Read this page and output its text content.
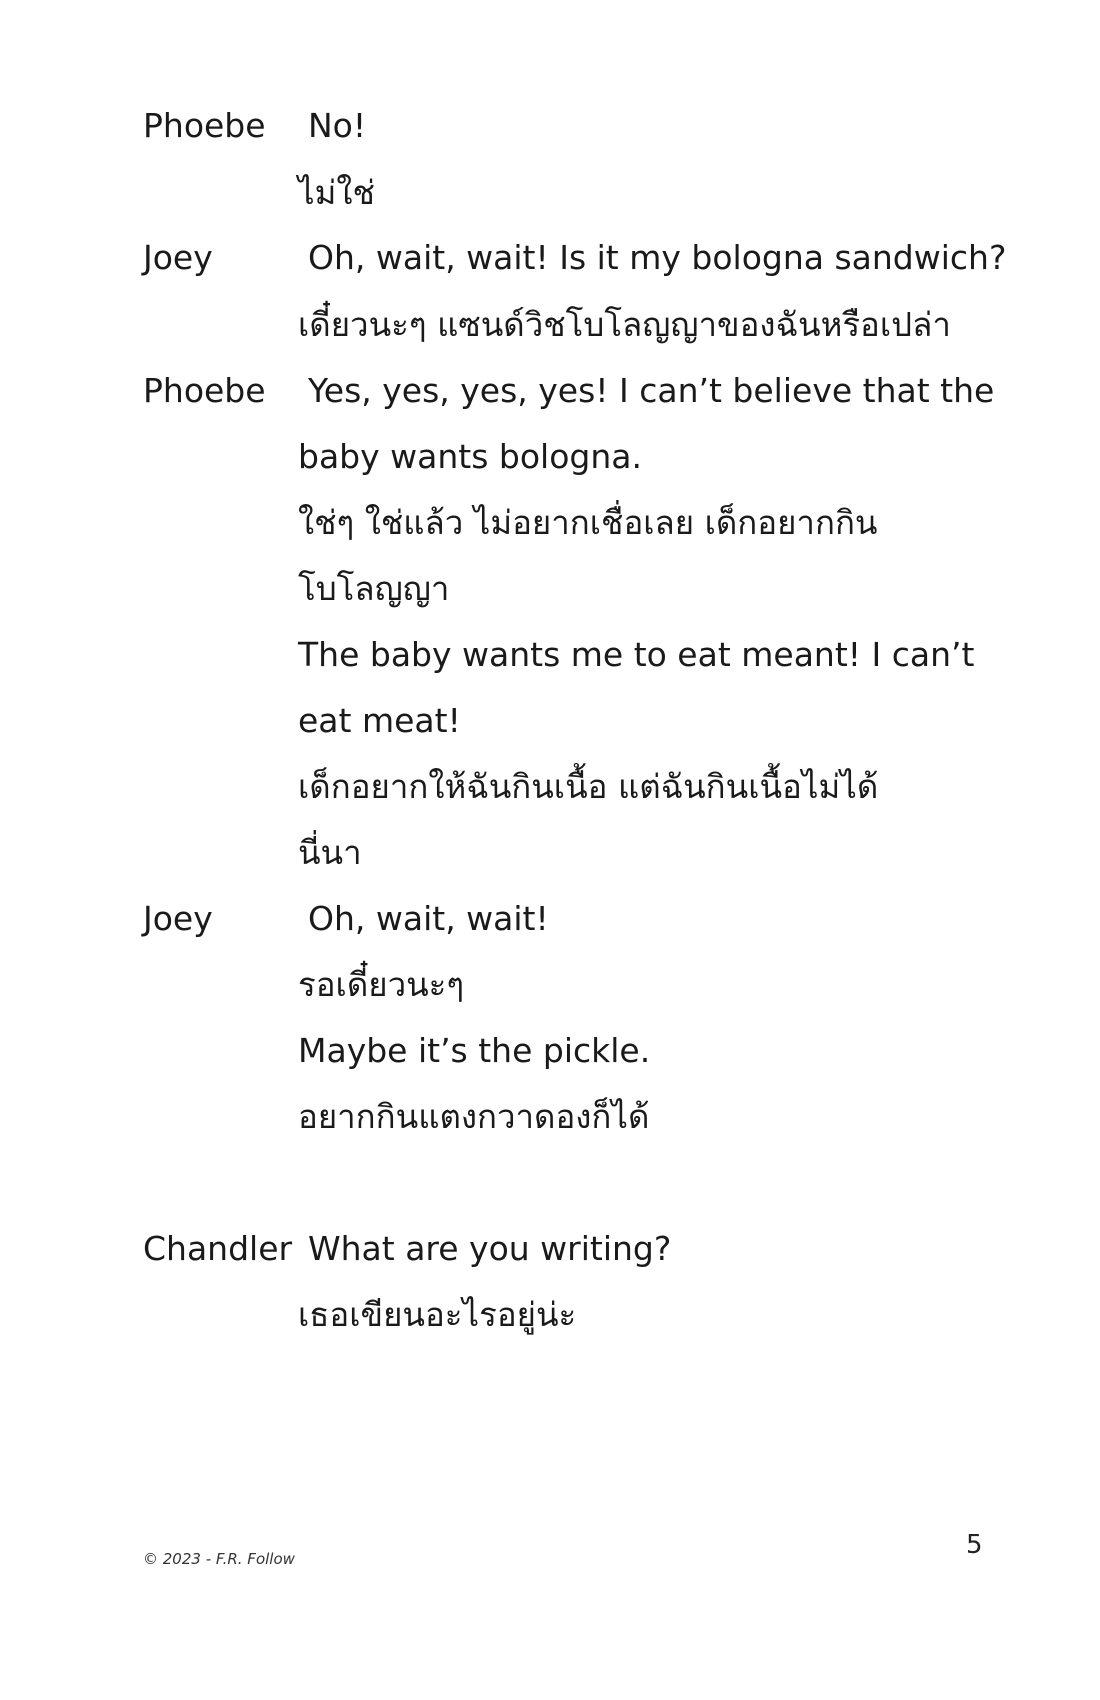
Phoebe No!
ไม่ใช่
Joey	Oh, wait, wait! Is it my bologna sandwich?
เดี๋ยวนะๆ แซนด์วิชโบโลญญาของฉันหรือเปล่า
Phoebe Yes, yes, yes, yes! I can’t believe that the
baby wants bologna.
ใช่ๆ ใช่แล้ว ไม่อยากเชื่อเลย เด็กอยากกิน
โบโลญญา
The baby wants me to eat meant! I can’t
eat meat!
เด็กอยากให้ฉันกินเนื้อ แต่ฉันกินเนื้อไม่ได้
นี่นา
Joey	Oh, wait, wait!
รอเดี๋ยวนะๆ
Maybe it’s the pickle.
อยากกินแตงกวาดองก็ได้
Chandler What are you writing?
เธอเขียนอะไรอยู่น่ะ
© 2023 - F.R. Follow	5
